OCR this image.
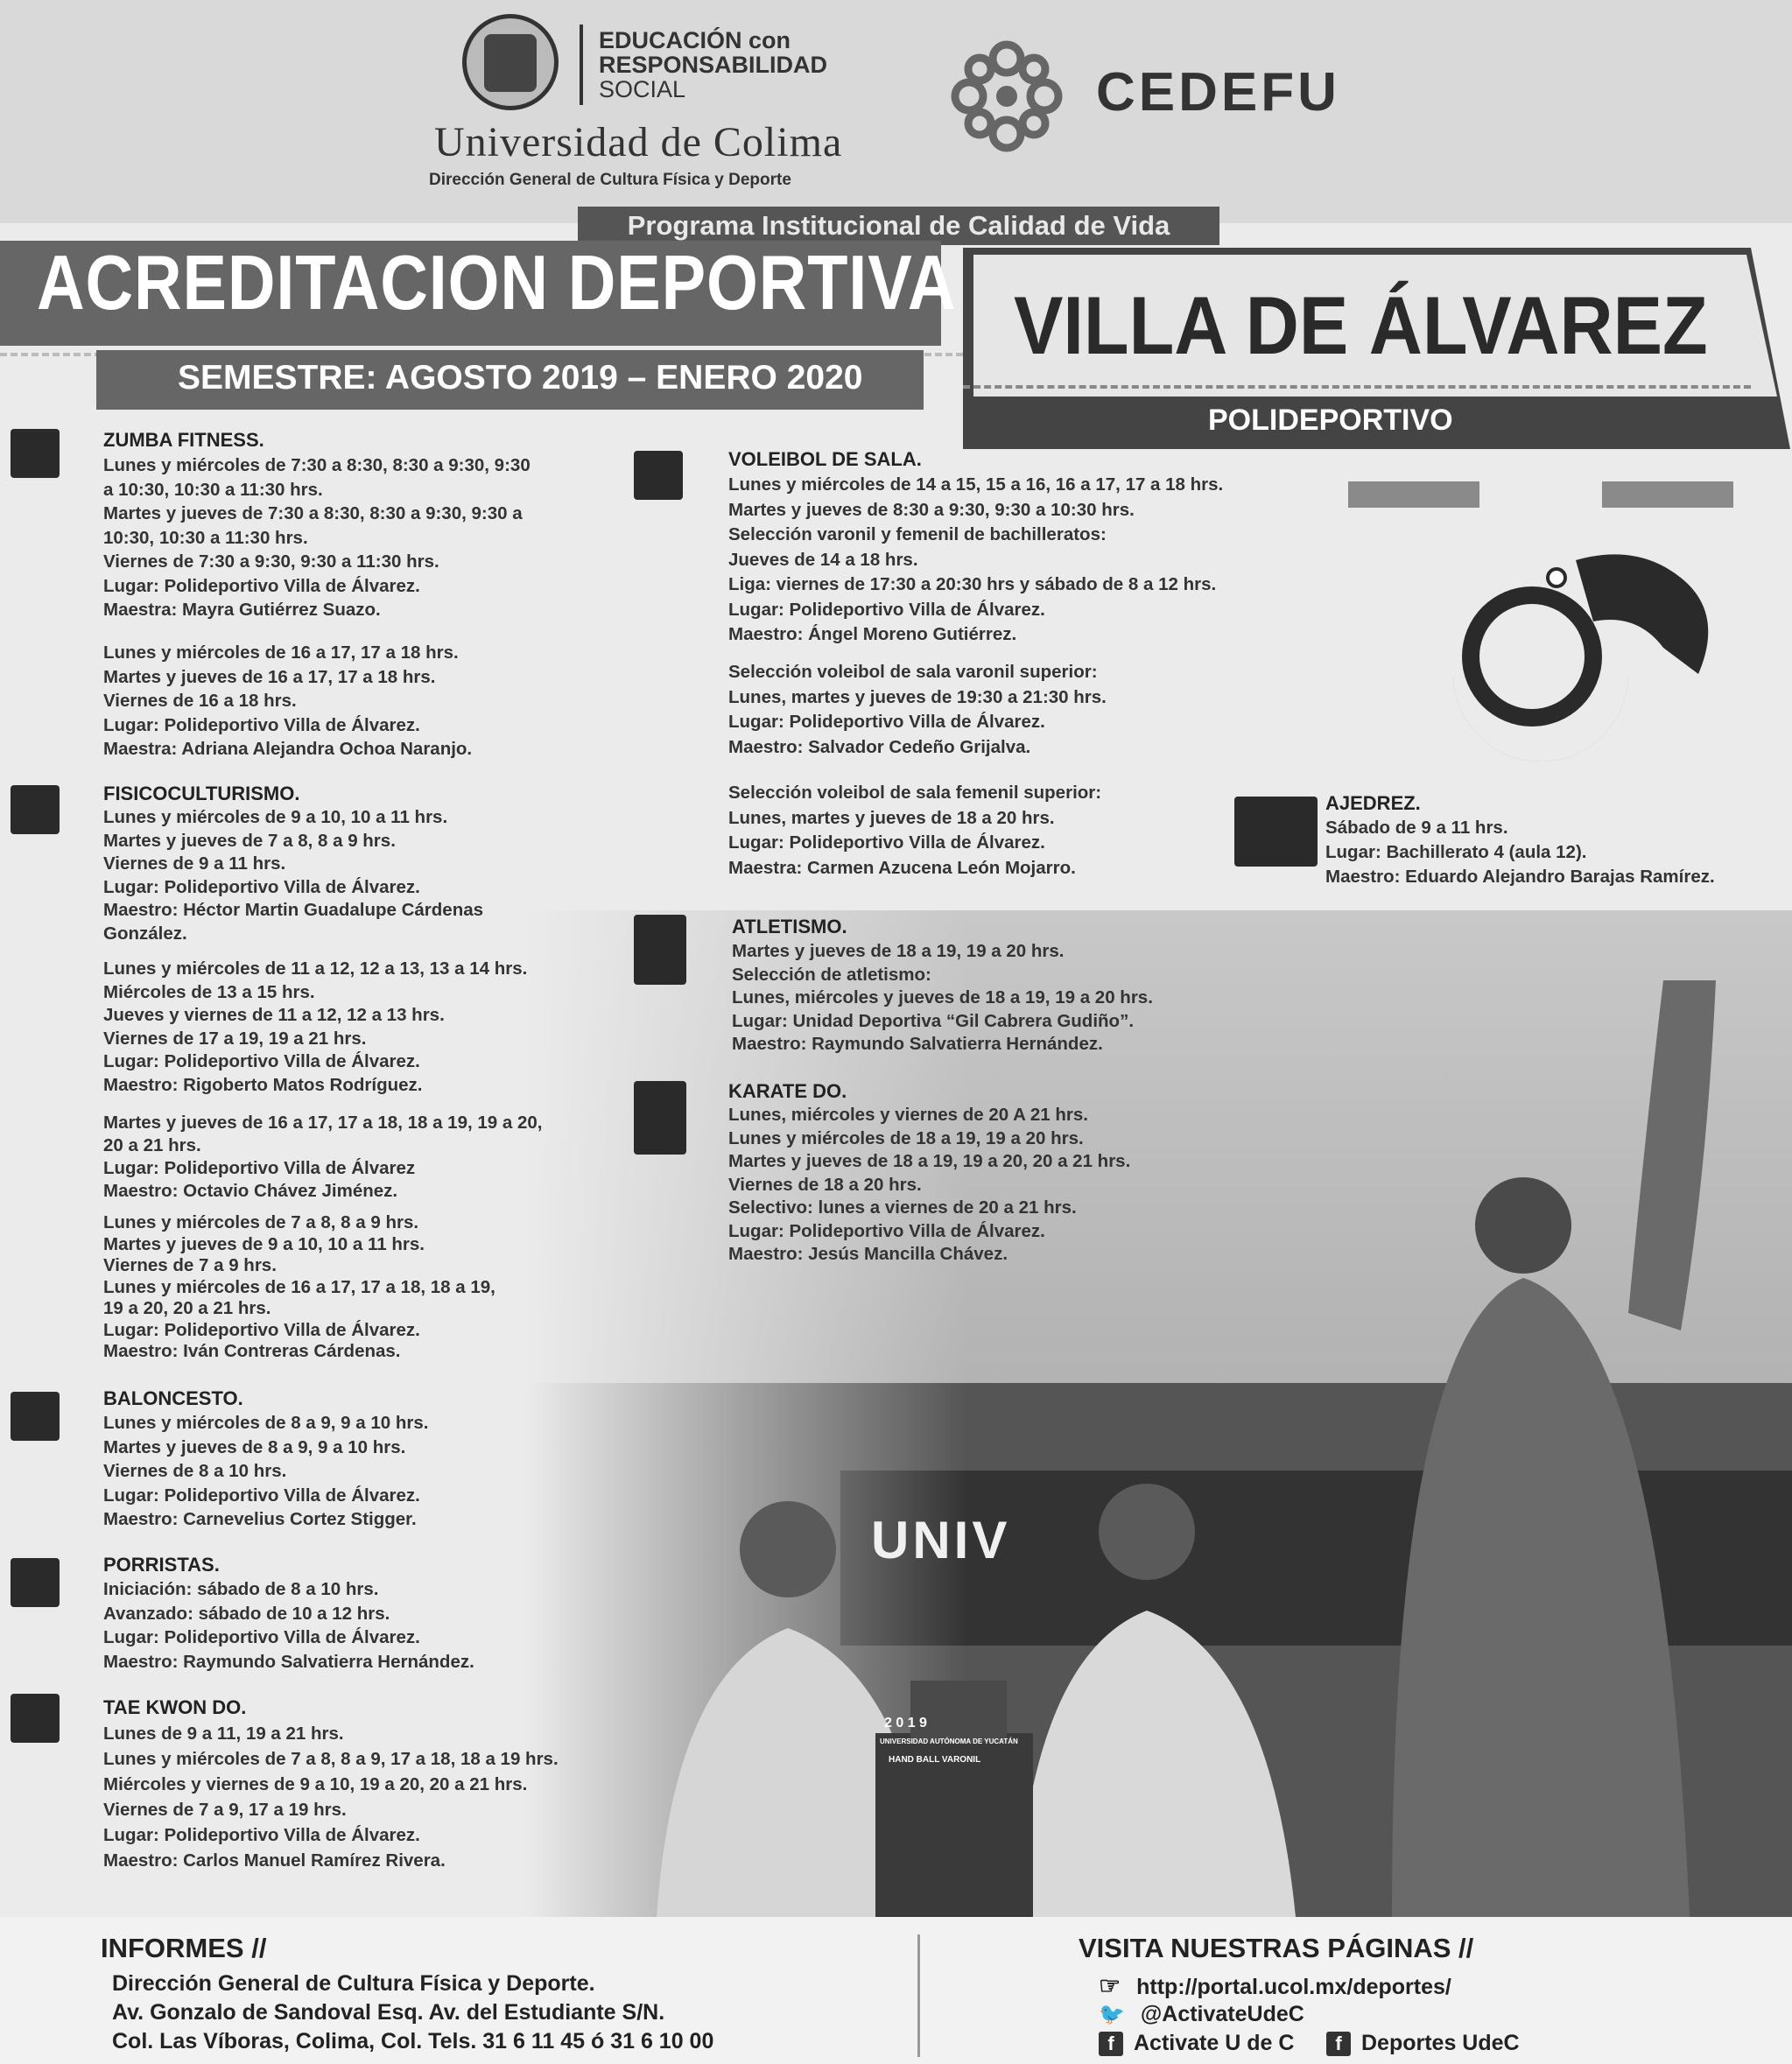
EDUCACIÓN con
RESPONSABILIDAD
SOCIAL
Universidad de Colima
Dirección General de Cultura Física y Deporte
CEDEFU
Programa Institucional de Calidad de Vida
ACREDITACION DEPORTIVA
SEMESTRE: AGOSTO 2019 – ENERO 2020
VILLA DE ÁLVAREZ
POLIDEPORTIVO
UNIV
2 0 1 9
UNIVERSIDAD AUTÓNOMA DE YUCATÁN
HAND BALL VARONIL
ZUMBA FITNESS.
Lunes y miércoles de 7:30 a 8:30, 8:30 a 9:30, 9:30
a 10:30, 10:30 a 11:30 hrs.
Martes y jueves de 7:30 a 8:30, 8:30 a 9:30, 9:30 a
10:30, 10:30 a 11:30 hrs.
Viernes de 7:30 a 9:30, 9:30 a 11:30 hrs.
Lugar: Polideportivo Villa de Álvarez.
Maestra: Mayra Gutiérrez Suazo.
Lunes y miércoles de 16 a 17, 17 a 18 hrs.
Martes y jueves de 16 a 17, 17 a 18 hrs.
Viernes de 16 a 18 hrs.
Lugar: Polideportivo Villa de Álvarez.
Maestra: Adriana Alejandra Ochoa Naranjo.
FISICOCULTURISMO.
Lunes y miércoles de 9 a 10, 10 a 11 hrs.
Martes y jueves de 7 a 8, 8 a 9 hrs.
Viernes de 9 a 11 hrs.
Lugar: Polideportivo Villa de Álvarez.
Maestro: Héctor Martin Guadalupe Cárdenas
González.
Lunes y miércoles de 11 a 12, 12 a 13, 13 a 14 hrs.
Miércoles de 13 a 15 hrs.
Jueves y viernes de 11 a 12, 12 a 13 hrs.
Viernes de 17 a 19, 19 a 21 hrs.
Lugar: Polideportivo Villa de Álvarez.
Maestro: Rigoberto Matos Rodríguez.
Martes y jueves de 16 a 17, 17 a 18, 18 a 19, 19 a 20,
20 a 21 hrs.
Lugar: Polideportivo Villa de Álvarez
Maestro: Octavio Chávez Jiménez.
Lunes y miércoles de 7 a 8, 8 a 9 hrs.
Martes y jueves de 9 a 10, 10 a 11 hrs.
Viernes de 7 a 9 hrs.
Lunes y miércoles de 16 a 17, 17 a 18, 18 a 19,
19 a 20, 20 a 21 hrs.
Lugar: Polideportivo Villa de Álvarez.
Maestro: Iván Contreras Cárdenas.
BALONCESTO.
Lunes y miércoles de 8 a 9, 9 a 10 hrs.
Martes y jueves de 8 a 9, 9 a 10 hrs.
Viernes de 8 a 10 hrs.
Lugar: Polideportivo Villa de Álvarez.
Maestro: Carnevelius Cortez Stigger.
PORRISTAS.
Iniciación: sábado de 8 a 10 hrs.
Avanzado: sábado de 10 a 12 hrs.
Lugar: Polideportivo Villa de Álvarez.
Maestro: Raymundo Salvatierra Hernández.
TAE KWON DO.
Lunes de 9 a 11, 19 a 21 hrs.
Lunes y miércoles de 7 a 8, 8 a 9, 17 a 18, 18 a 19 hrs.
Miércoles y viernes de 9 a 10, 19 a 20, 20 a 21 hrs.
Viernes de 7 a 9, 17 a 19 hrs.
Lugar: Polideportivo Villa de Álvarez.
Maestro: Carlos Manuel Ramírez Rivera.
VOLEIBOL DE SALA.
Lunes y miércoles de 14 a 15, 15 a 16, 16 a 17, 17 a 18 hrs.
Martes y jueves de 8:30 a 9:30, 9:30 a 10:30 hrs.
Selección varonil y femenil de bachilleratos:
Jueves de 14 a 18 hrs.
Liga: viernes de 17:30 a 20:30 hrs y sábado de 8 a 12 hrs.
Lugar: Polideportivo Villa de Álvarez.
Maestro: Ángel Moreno Gutiérrez.
Selección voleibol de sala varonil superior:
Lunes, martes y jueves de 19:30 a 21:30 hrs.
Lugar: Polideportivo Villa de Álvarez.
Maestro: Salvador Cedeño Grijalva.
Selección voleibol de sala femenil superior:
Lunes, martes y jueves de 18 a 20 hrs.
Lugar: Polideportivo Villa de Álvarez.
Maestra: Carmen Azucena León Mojarro.
ATLETISMO.
Martes y jueves de 18 a 19, 19 a 20 hrs.
Selección de atletismo:
Lunes, miércoles y jueves de 18 a 19, 19 a 20 hrs.
Lugar: Unidad Deportiva “Gil Cabrera Gudiño”.
Maestro: Raymundo Salvatierra Hernández.
KARATE DO.
Lunes, miércoles y viernes de 20 A 21 hrs.
Lunes y miércoles de 18 a 19, 19 a 20 hrs.
Martes y jueves de 18 a 19, 19 a 20, 20 a 21 hrs.
Viernes de 18 a 20 hrs.
Selectivo: lunes a viernes de 20 a 21 hrs.
Lugar: Polideportivo Villa de Álvarez.
Maestro: Jesús Mancilla Chávez.
AJEDREZ.
Sábado de 9 a 11 hrs.
Lugar: Bachillerato 4 (aula 12).
Maestro: Eduardo Alejandro Barajas Ramírez.
INFORMES //
Dirección General de Cultura Física y Deporte.
Av. Gonzalo de Sandoval Esq. Av. del Estudiante S/N.
Col. Las Víboras, Colima, Col. Tels. 31 6 11 45 ó 31 6 10 00
VISITA NUESTRAS PÁGINAS //
☞ http://portal.ucol.mx/deportes/
🐦 @ActivateUdeC
f Activate U de C	f Deportes UdeC
